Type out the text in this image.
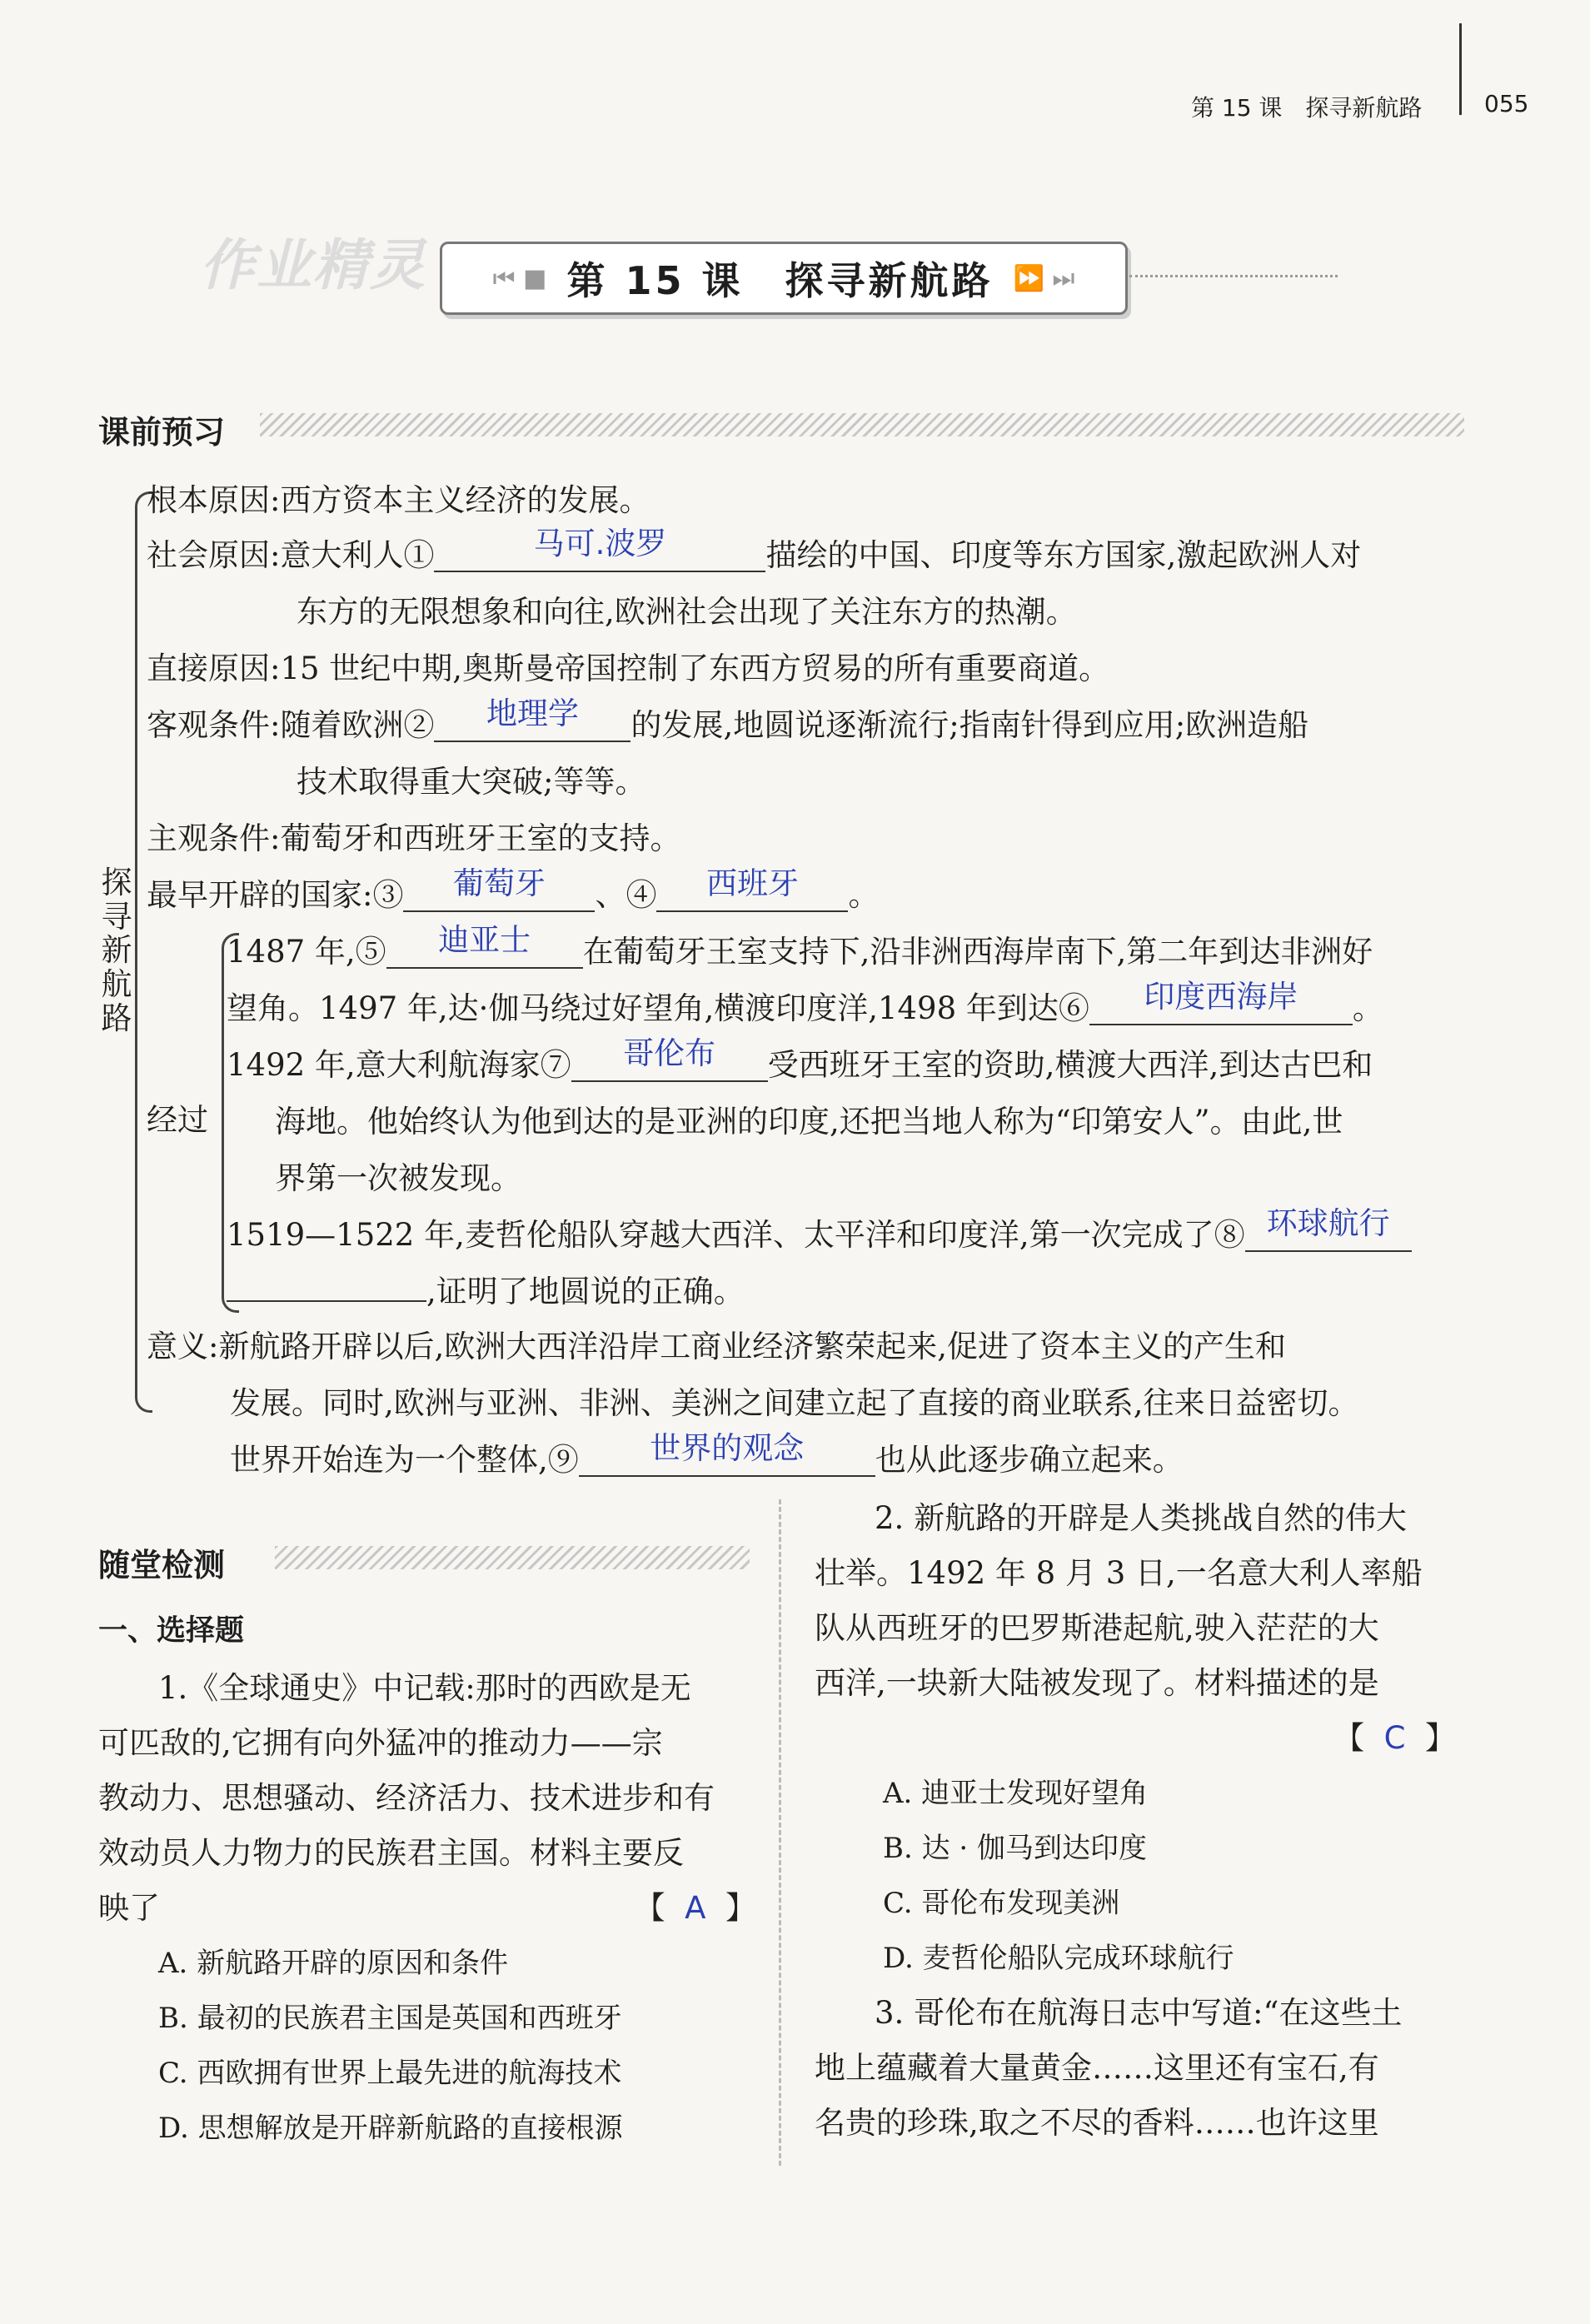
第 15 课　探寻新航路	055
作业精灵	⏮ ■ 第 15 课　探寻新航路 ⏩ ⏭
课前预习
探寻新航路
根本原因:西方资本主义经济的发展。
社会原因:意大利人①	马可.波罗	描绘的中国、印度等东方国家,激起欧洲人对
东方的无限想象和向往,欧洲社会出现了关注东方的热潮。
直接原因:15 世纪中期,奥斯曼帝国控制了东西方贸易的所有重要商道。
客观条件:随着欧洲② 地理学 的发展,地圆说逐渐流行;指南针得到应用;欧洲造船
技术取得重大突破;等等。
主观条件:葡萄牙和西班牙王室的支持。
最早开辟的国家:③ 葡萄牙 、④ 西班牙 。
经过
1487 年,⑤ 迪亚士 在葡萄牙王室支持下,沿非洲西海岸南下,第二年到达非洲好
望角。1497 年,达·伽马绕过好望角,横渡印度洋,1498 年到达⑥ 印度西海岸 。
1492 年,意大利航海家⑦ 哥伦布 受西班牙王室的资助,横渡大西洋,到达古巴和
海地。他始终认为他到达的是亚洲的印度,还把当地人称为“印第安人”。由此,世
界第一次被发现。
1519—1522 年,麦哲伦船队穿越大西洋、太平洋和印度洋,第一次完成了⑧ 环球航行
,证明了地圆说的正确。
意义:新航路开辟以后,欧洲大西洋沿岸工商业经济繁荣起来,促进了资本主义的产生和
发展。同时,欧洲与亚洲、非洲、美洲之间建立起了直接的商业联系,往来日益密切。
世界开始连为一个整体,⑨ 世界的观念 也从此逐步确立起来。
随堂检测
一、选择题
1.《全球通史》中记载:那时的西欧是无
可匹敌的,它拥有向外猛冲的推动力——宗
教动力、思想骚动、经济活力、技术进步和有
效动员人力物力的民族君主国。材料主要反
映了	【 A 】
A. 新航路开辟的原因和条件
B. 最初的民族君主国是英国和西班牙
C. 西欧拥有世界上最先进的航海技术
D. 思想解放是开辟新航路的直接根源
2. 新航路的开辟是人类挑战自然的伟大
壮举。1492 年 8 月 3 日,一名意大利人率船
队从西班牙的巴罗斯港起航,驶入茫茫的大
西洋,一块新大陆被发现了。材料描述的是
【 C 】
A. 迪亚士发现好望角
B. 达 · 伽马到达印度
C. 哥伦布发现美洲
D. 麦哲伦船队完成环球航行
3. 哥伦布在航海日志中写道:“在这些土
地上蕴藏着大量黄金……这里还有宝石,有
名贵的珍珠,取之不尽的香料……也许这里
